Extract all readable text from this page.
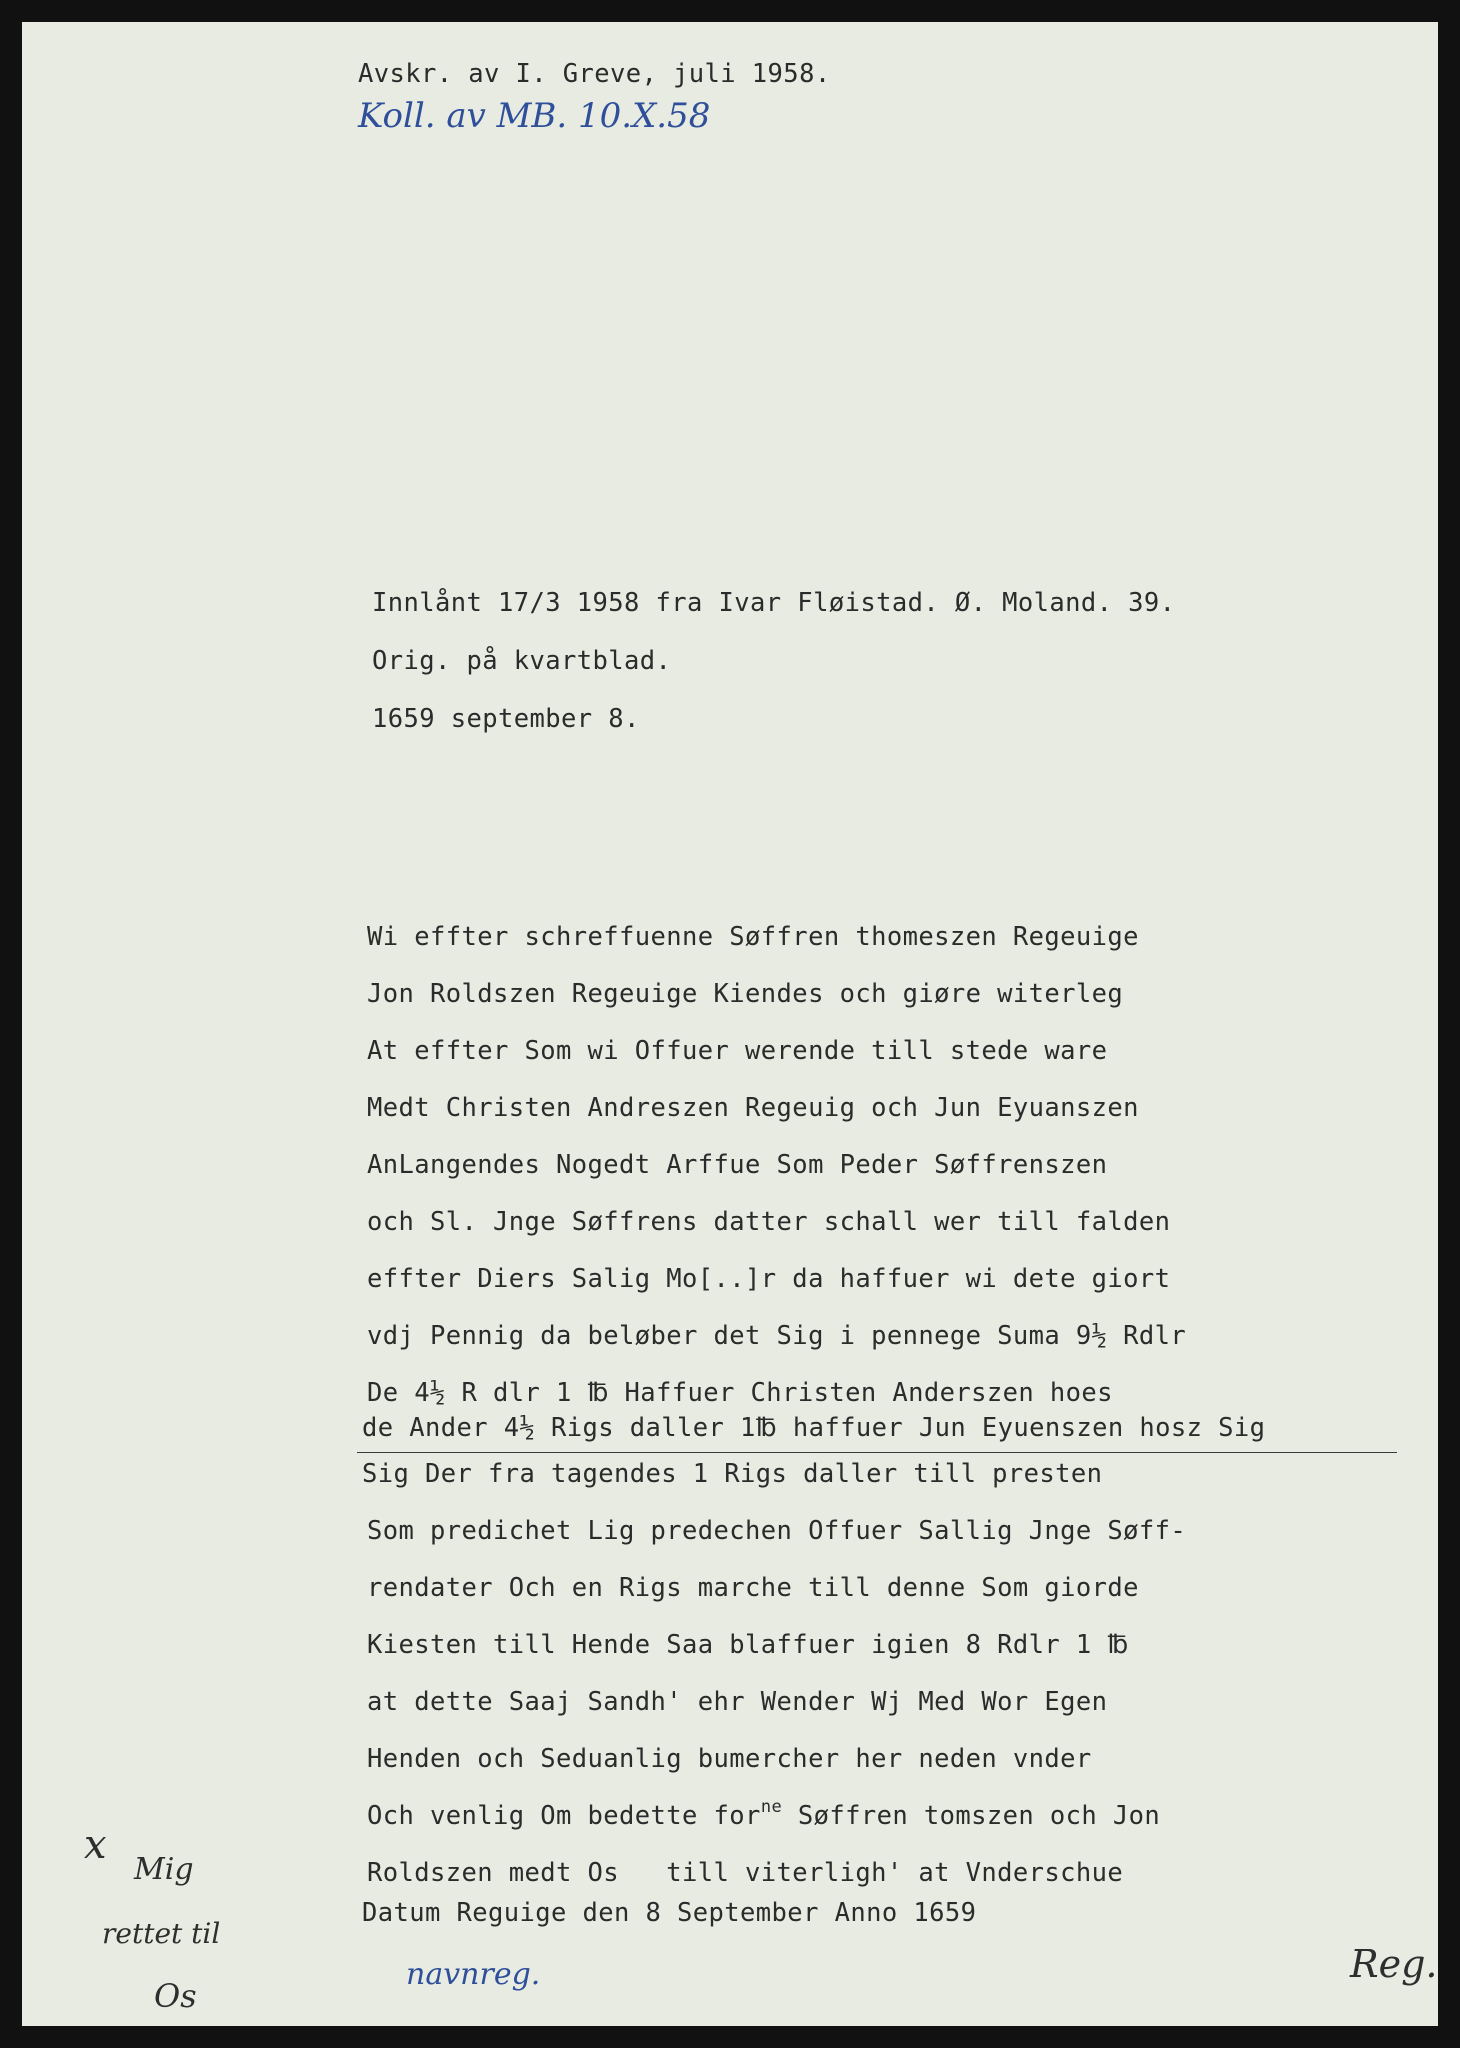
Avskr. av I. Greve, juli 1958.
Koll. av MB. 10.X.58
Innlånt 17/3 1958 fra Ivar Fløistad. Ø. Moland. 39.
Orig. på kvartblad.
1659 september 8.
Wi effter schreffuenne Søffren thomeszen Regeuige
Jon Roldszen Regeuige Kiendes och giøre witerleg
At effter Som wi Offuer werende till stede ware
Medt Christen Andreszen Regeuig och Jun Eyuanszen
AnLangendes Nogedt Arffue Som Peder Søffrenszen
och Sl. Jnge Søffrens datter schall wer till falden
effter Diers Salig Mo[..]r da haffuer wi dete giort
vdj Pennig da beløber det Sig i pennege Suma 9½ Rdlr
De 4½ R dlr 1 ℔ Haffuer Christen Anderszen hoes
de Ander 4½ Rigs daller 1℔ haffuer Jun Eyuenszen hosz Sig
Sig Der fra tagendes 1 Rigs daller till presten
Som predichet Lig predechen Offuer Sallig Jnge Søff-
rendater Och en Rigs marche till denne Som giorde
Kiesten till Hende Saa blaffuer igien 8 Rdlr 1 ℔
at dette Saaj Sandh' ehr Wender Wj Med Wor Egen
Henden och Seduanlig bumercher her neden vnder
Och venlig Om bedette for$^{ne}$ Søffren tomszen och Jon
Roldszen medt Os   till viterligh' at Vnderschue
Datum Reguige den 8 September Anno 1659
x
Mig
rettet til
Os
navnreg.	Reg.
